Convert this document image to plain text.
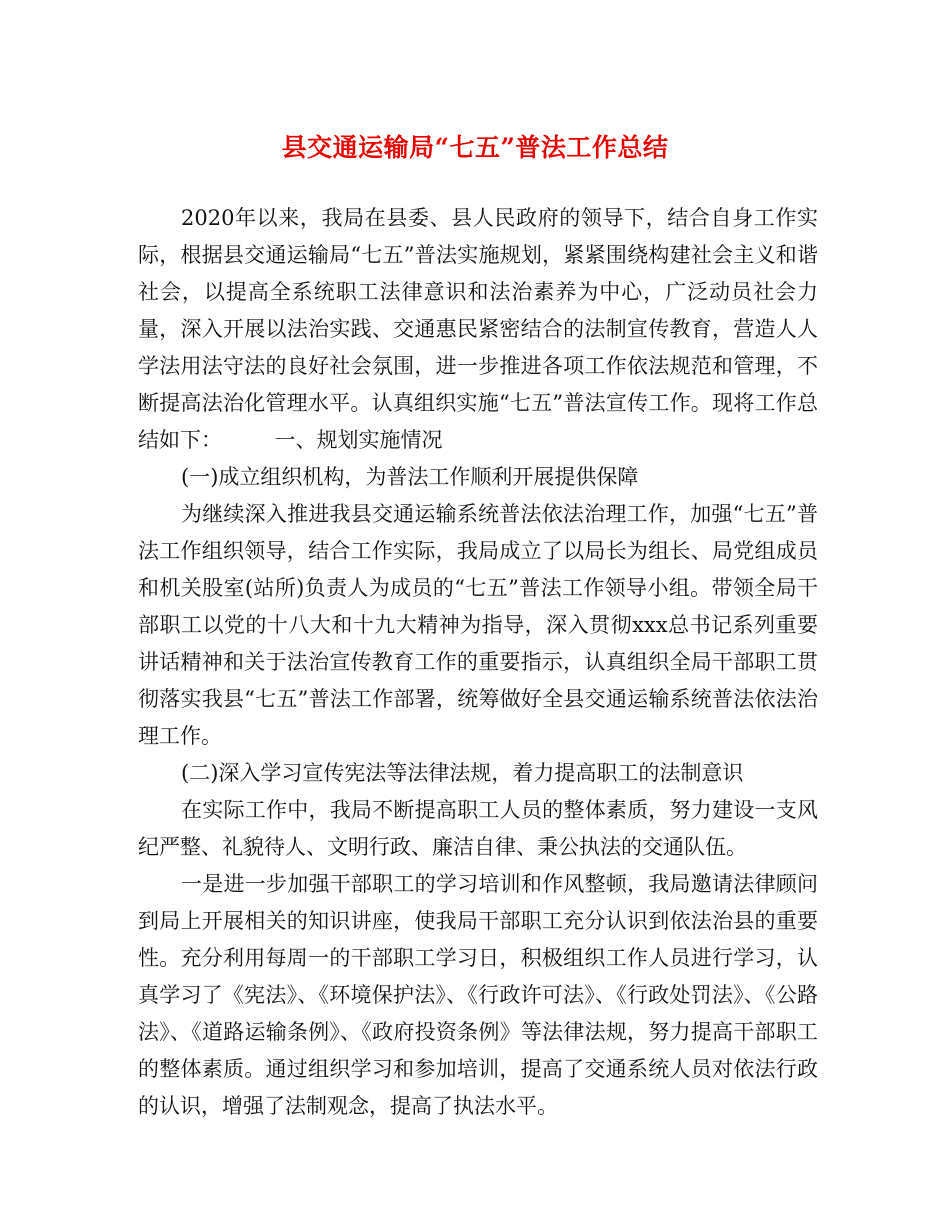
县交通运输局“七五”普法工作总结

2020年以来，我局在县委、县人民政府的领导下，结合自身工作实际，根据县交通运输局“七五”普法实施规划，紧紧围绕构建社会主义和谐社会，以提高全系统职工法律意识和法治素养为中心，广泛动员社会力量，深入开展以法治实践、交通惠民紧密结合的法制宣传教育，营造人人学法用法守法的良好社会氛围，进一步推进各项工作依法规范和管理，不断提高法治化管理水平。认真组织实施“七五”普法宣传工作。现将工作总结如下：　　　一、规划实施情况

(一)成立组织机构，为普法工作顺利开展提供保障

为继续深入推进我县交通运输系统普法依法治理工作，加强“七五”普法工作组织领导，结合工作实际，我局成立了以局长为组长、局党组成员和机关股室(站所)负责人为成员的“七五”普法工作领导小组。带领全局干部职工以党的十八大和十九大精神为指导，深入贯彻xxx总书记系列重要讲话精神和关于法治宣传教育工作的重要指示，认真组织全局干部职工贯彻落实我县“七五”普法工作部署，统筹做好全县交通运输系统普法依法治理工作。

(二)深入学习宣传宪法等法律法规，着力提高职工的法制意识

在实际工作中，我局不断提高职工人员的整体素质，努力建设一支风纪严整、礼貌待人、文明行政、廉洁自律、秉公执法的交通队伍。

一是进一步加强干部职工的学习培训和作风整顿，我局邀请法律顾问到局上开展相关的知识讲座，使我局干部职工充分认识到依法治县的重要性。充分利用每周一的干部职工学习日，积极组织工作人员进行学习，认真学习了《宪法》、《环境保护法》、《行政许可法》、《行政处罚法》、《公路法》、《道路运输条例》、《政府投资条例》等法律法规，努力提高干部职工的整体素质。通过组织学习和参加培训，提高了交通系统人员对依法行政的认识，增强了法制观念，提高了执法水平。
